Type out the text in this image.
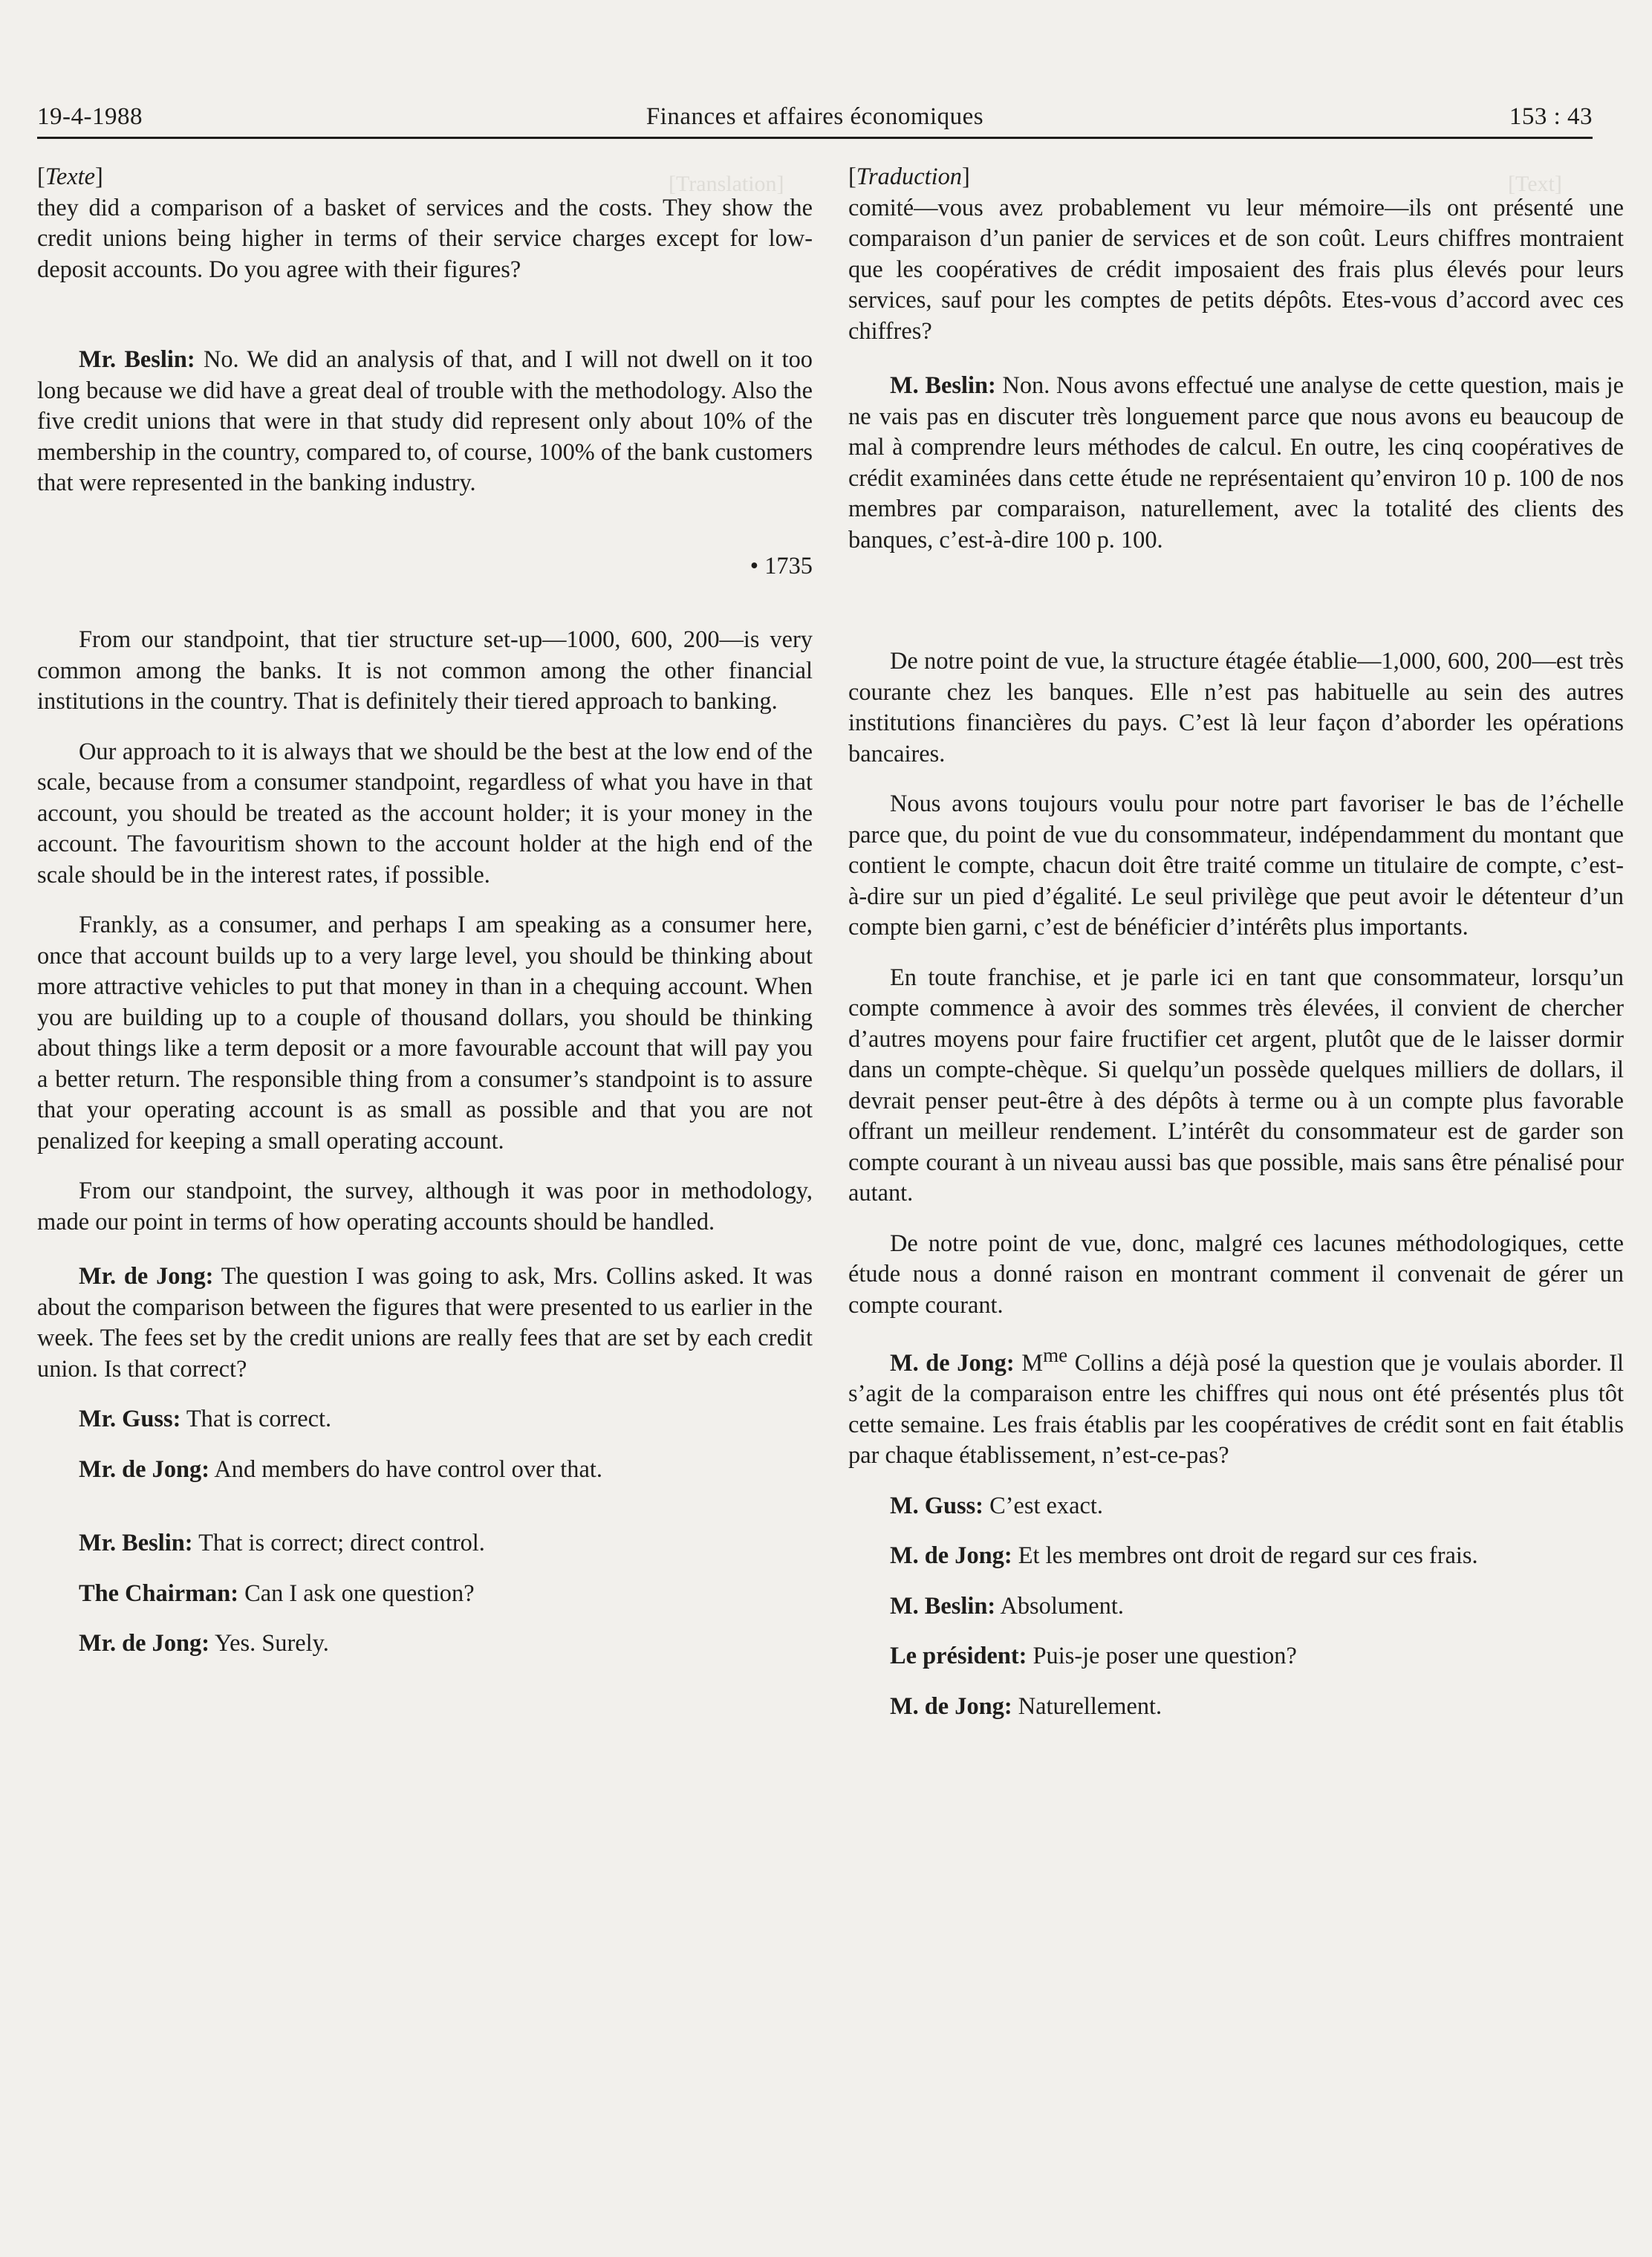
[Translation]	[Text]
19-4-1988	Finances et affaires économiques	153 : 43

[Texte]

they did a comparison of a basket of services and the costs. They show the credit unions being higher in terms of their service charges except for low-deposit accounts. Do you agree with their figures?

Mr. Beslin: No. We did an analysis of that, and I will not dwell on it too long because we did have a great deal of trouble with the methodology. Also the five credit unions that were in that study did represent only about 10% of the membership in the country, compared to, of course, 100% of the bank customers that were represented in the banking industry.

• 1735

From our standpoint, that tier structure set-up—1000, 600, 200—is very common among the banks. It is not common among the other financial institutions in the country. That is definitely their tiered approach to banking.

Our approach to it is always that we should be the best at the low end of the scale, because from a consumer standpoint, regardless of what you have in that account, you should be treated as the account holder; it is your money in the account. The favouritism shown to the account holder at the high end of the scale should be in the interest rates, if possible.

Frankly, as a consumer, and perhaps I am speaking as a consumer here, once that account builds up to a very large level, you should be thinking about more attractive vehicles to put that money in than in a chequing account. When you are building up to a couple of thousand dollars, you should be thinking about things like a term deposit or a more favourable account that will pay you a better return. The responsible thing from a consumer’s standpoint is to assure that your operating account is as small as possible and that you are not penalized for keeping a small operating account.

From our standpoint, the survey, although it was poor in methodology, made our point in terms of how operating accounts should be handled.

Mr. de Jong: The question I was going to ask, Mrs. Collins asked. It was about the comparison between the figures that were presented to us earlier in the week. The fees set by the credit unions are really fees that are set by each credit union. Is that correct?

Mr. Guss: That is correct.

Mr. de Jong: And members do have control over that.

Mr. Beslin: That is correct; direct control.

The Chairman: Can I ask one question?

Mr. de Jong: Yes. Surely.

[Traduction]

comité—vous avez probablement vu leur mémoire—ils ont présenté une comparaison d’un panier de services et de son coût. Leurs chiffres montraient que les coopératives de crédit imposaient des frais plus élevés pour leurs services, sauf pour les comptes de petits dépôts. Etes-vous d’accord avec ces chiffres?

M. Beslin: Non. Nous avons effectué une analyse de cette question, mais je ne vais pas en discuter très longuement parce que nous avons eu beaucoup de mal à comprendre leurs méthodes de calcul. En outre, les cinq coopératives de crédit examinées dans cette étude ne représentaient qu’environ 10 p. 100 de nos membres par comparaison, naturellement, avec la totalité des clients des banques, c’est-à-dire 100 p. 100.

De notre point de vue, la structure étagée établie—1,000, 600, 200—est très courante chez les banques. Elle n’est pas habituelle au sein des autres institutions financières du pays. C’est là leur façon d’aborder les opérations bancaires.

Nous avons toujours voulu pour notre part favoriser le bas de l’échelle parce que, du point de vue du consommateur, indépendamment du montant que contient le compte, chacun doit être traité comme un titulaire de compte, c’est-à-dire sur un pied d’égalité. Le seul privilège que peut avoir le détenteur d’un compte bien garni, c’est de bénéficier d’intérêts plus importants.

En toute franchise, et je parle ici en tant que consommateur, lorsqu’un compte commence à avoir des sommes très élevées, il convient de chercher d’autres moyens pour faire fructifier cet argent, plutôt que de le laisser dormir dans un compte-chèque. Si quelqu’un possède quelques milliers de dollars, il devrait penser peut-être à des dépôts à terme ou à un compte plus favorable offrant un meilleur rendement. L’intérêt du consommateur est de garder son compte courant à un niveau aussi bas que possible, mais sans être pénalisé pour autant.

De notre point de vue, donc, malgré ces lacunes méthodologiques, cette étude nous a donné raison en montrant comment il convenait de gérer un compte courant.

M. de Jong: $M^{me}$ Collins a déjà posé la question que je voulais aborder. Il s’agit de la comparaison entre les chiffres qui nous ont été présentés plus tôt cette semaine. Les frais établis par les coopératives de crédit sont en fait établis par chaque établissement, n’est-ce-pas?

M. Guss: C’est exact.

M. de Jong: Et les membres ont droit de regard sur ces frais.

M. Beslin: Absolument.

Le président: Puis-je poser une question?

M. de Jong: Naturellement.
